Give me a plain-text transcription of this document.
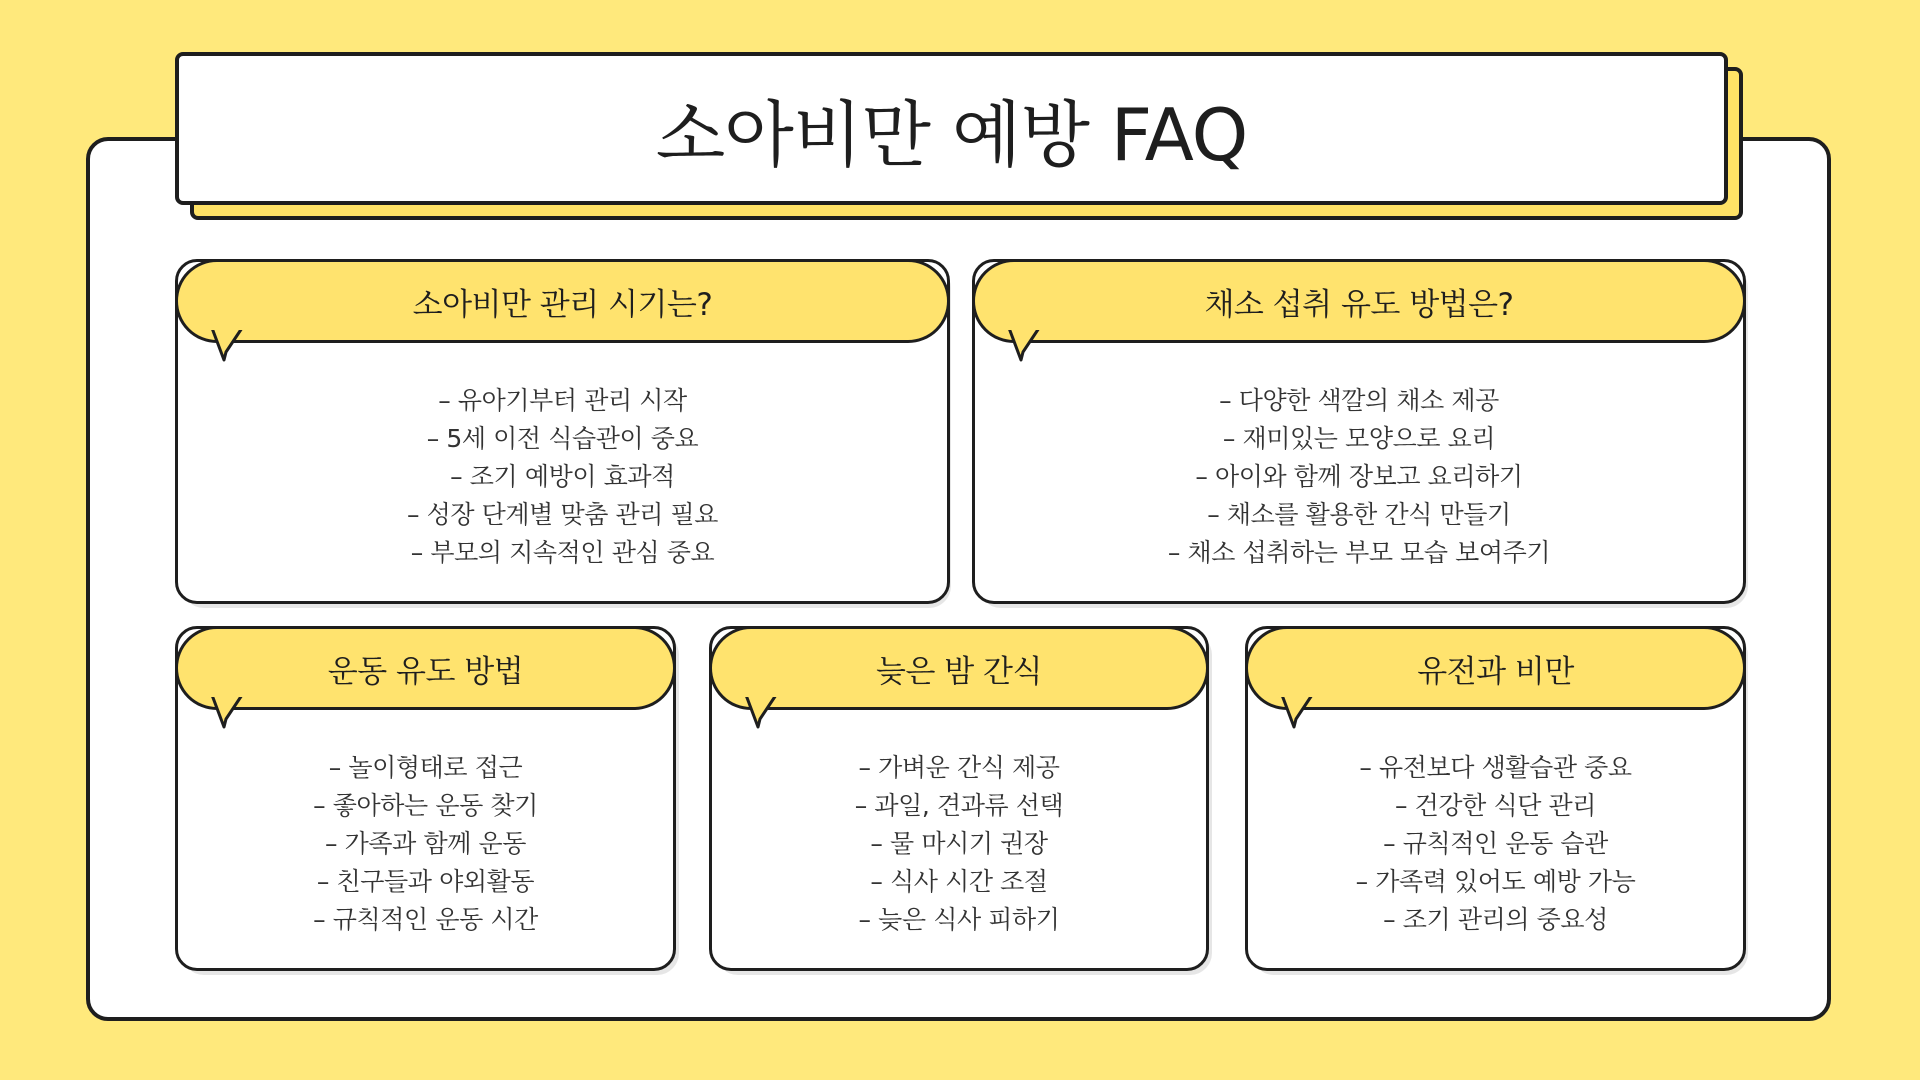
소아비만 예방 FAQ
소아비만 관리 시기는?
– 유아기부터 관리 시작
– 5세 이전 식습관이 중요
– 조기 예방이 효과적
– 성장 단계별 맞춤 관리 필요
– 부모의 지속적인 관심 중요
채소 섭취 유도 방법은?
– 다양한 색깔의 채소 제공
– 재미있는 모양으로 요리
– 아이와 함께 장보고 요리하기
– 채소를 활용한 간식 만들기
– 채소 섭취하는 부모 모습 보여주기
운동 유도 방법
– 놀이형태로 접근
– 좋아하는 운동 찾기
– 가족과 함께 운동
– 친구들과 야외활동
– 규칙적인 운동 시간
늦은 밤 간식
– 가벼운 간식 제공
– 과일, 견과류 선택
– 물 마시기 권장
– 식사 시간 조절
– 늦은 식사 피하기
유전과 비만
– 유전보다 생활습관 중요
– 건강한 식단 관리
– 규칙적인 운동 습관
– 가족력 있어도 예방 가능
– 조기 관리의 중요성
